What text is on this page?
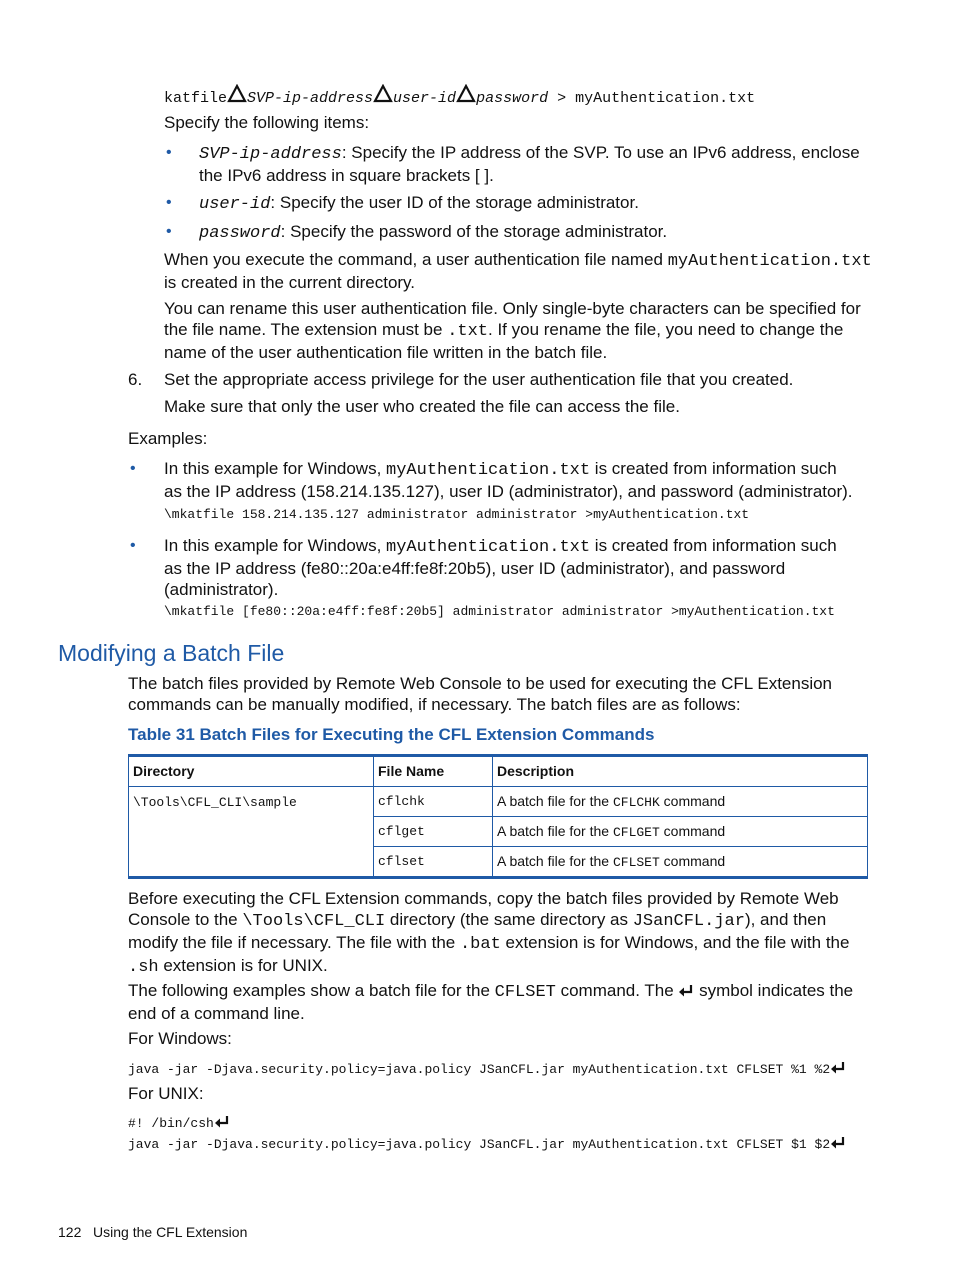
katfile SVP-ip-address user-id password > myAuthentication.txt
Specify the following items:
• SVP-ip-address: Specify the IP address of the SVP. To use an IPv6 address, enclose
the IPv6 address in square brackets [ ].
• user-id: Specify the user ID of the storage administrator.
• password: Specify the password of the storage administrator.
When you execute the command, a user authentication file named myAuthentication.txt
is created in the current directory.
You can rename this user authentication file. Only single-byte characters can be specified for
the file name. The extension must be .txt. If you rename the file, you need to change the
name of the user authentication file written in the batch file.
6. Set the appropriate access privilege for the user authentication file that you created.
Make sure that only the user who created the file can access the file.
Examples:
• In this example for Windows, myAuthentication.txt is created from information such
as the IP address (158.214.135.127), user ID (administrator), and password (administrator).
\mkatfile 158.214.135.127 administrator administrator >myAuthentication.txt
• In this example for Windows, myAuthentication.txt is created from information such
as the IP address (fe80::20a:e4ff:fe8f:20b5), user ID (administrator), and password
(administrator).
\mkatfile [fe80::20a:e4ff:fe8f:20b5] administrator administrator >myAuthentication.txt
Modifying a Batch File
The batch files provided by Remote Web Console to be used for executing the CFL Extension
commands can be manually modified, if necessary. The batch files are as follows:
Table 31 Batch Files for Executing the CFL Extension Commands
Directory	File Name	Description
\Tools\CFL_CLI\sample	cflchk	A batch file for the CFLCHK command
	cflget	A batch file for the CFLGET command
	cflset	A batch file for the CFLSET command
Before executing the CFL Extension commands, copy the batch files provided by Remote Web
Console to the \Tools\CFL_CLI directory (the same directory as JSanCFL.jar), and then
modify the file if necessary. The file with the .bat extension is for Windows, and the file with the
.sh extension is for UNIX.
The following examples show a batch file for the CFLSET command. The  symbol indicates the
end of a command line.
For Windows:
java -jar -Djava.security.policy=java.policy JSanCFL.jar myAuthentication.txt CFLSET %1 %2
For UNIX:
#! /bin/csh
java -jar -Djava.security.policy=java.policy JSanCFL.jar myAuthentication.txt CFLSET $1 $2
122 Using the CFL Extension
